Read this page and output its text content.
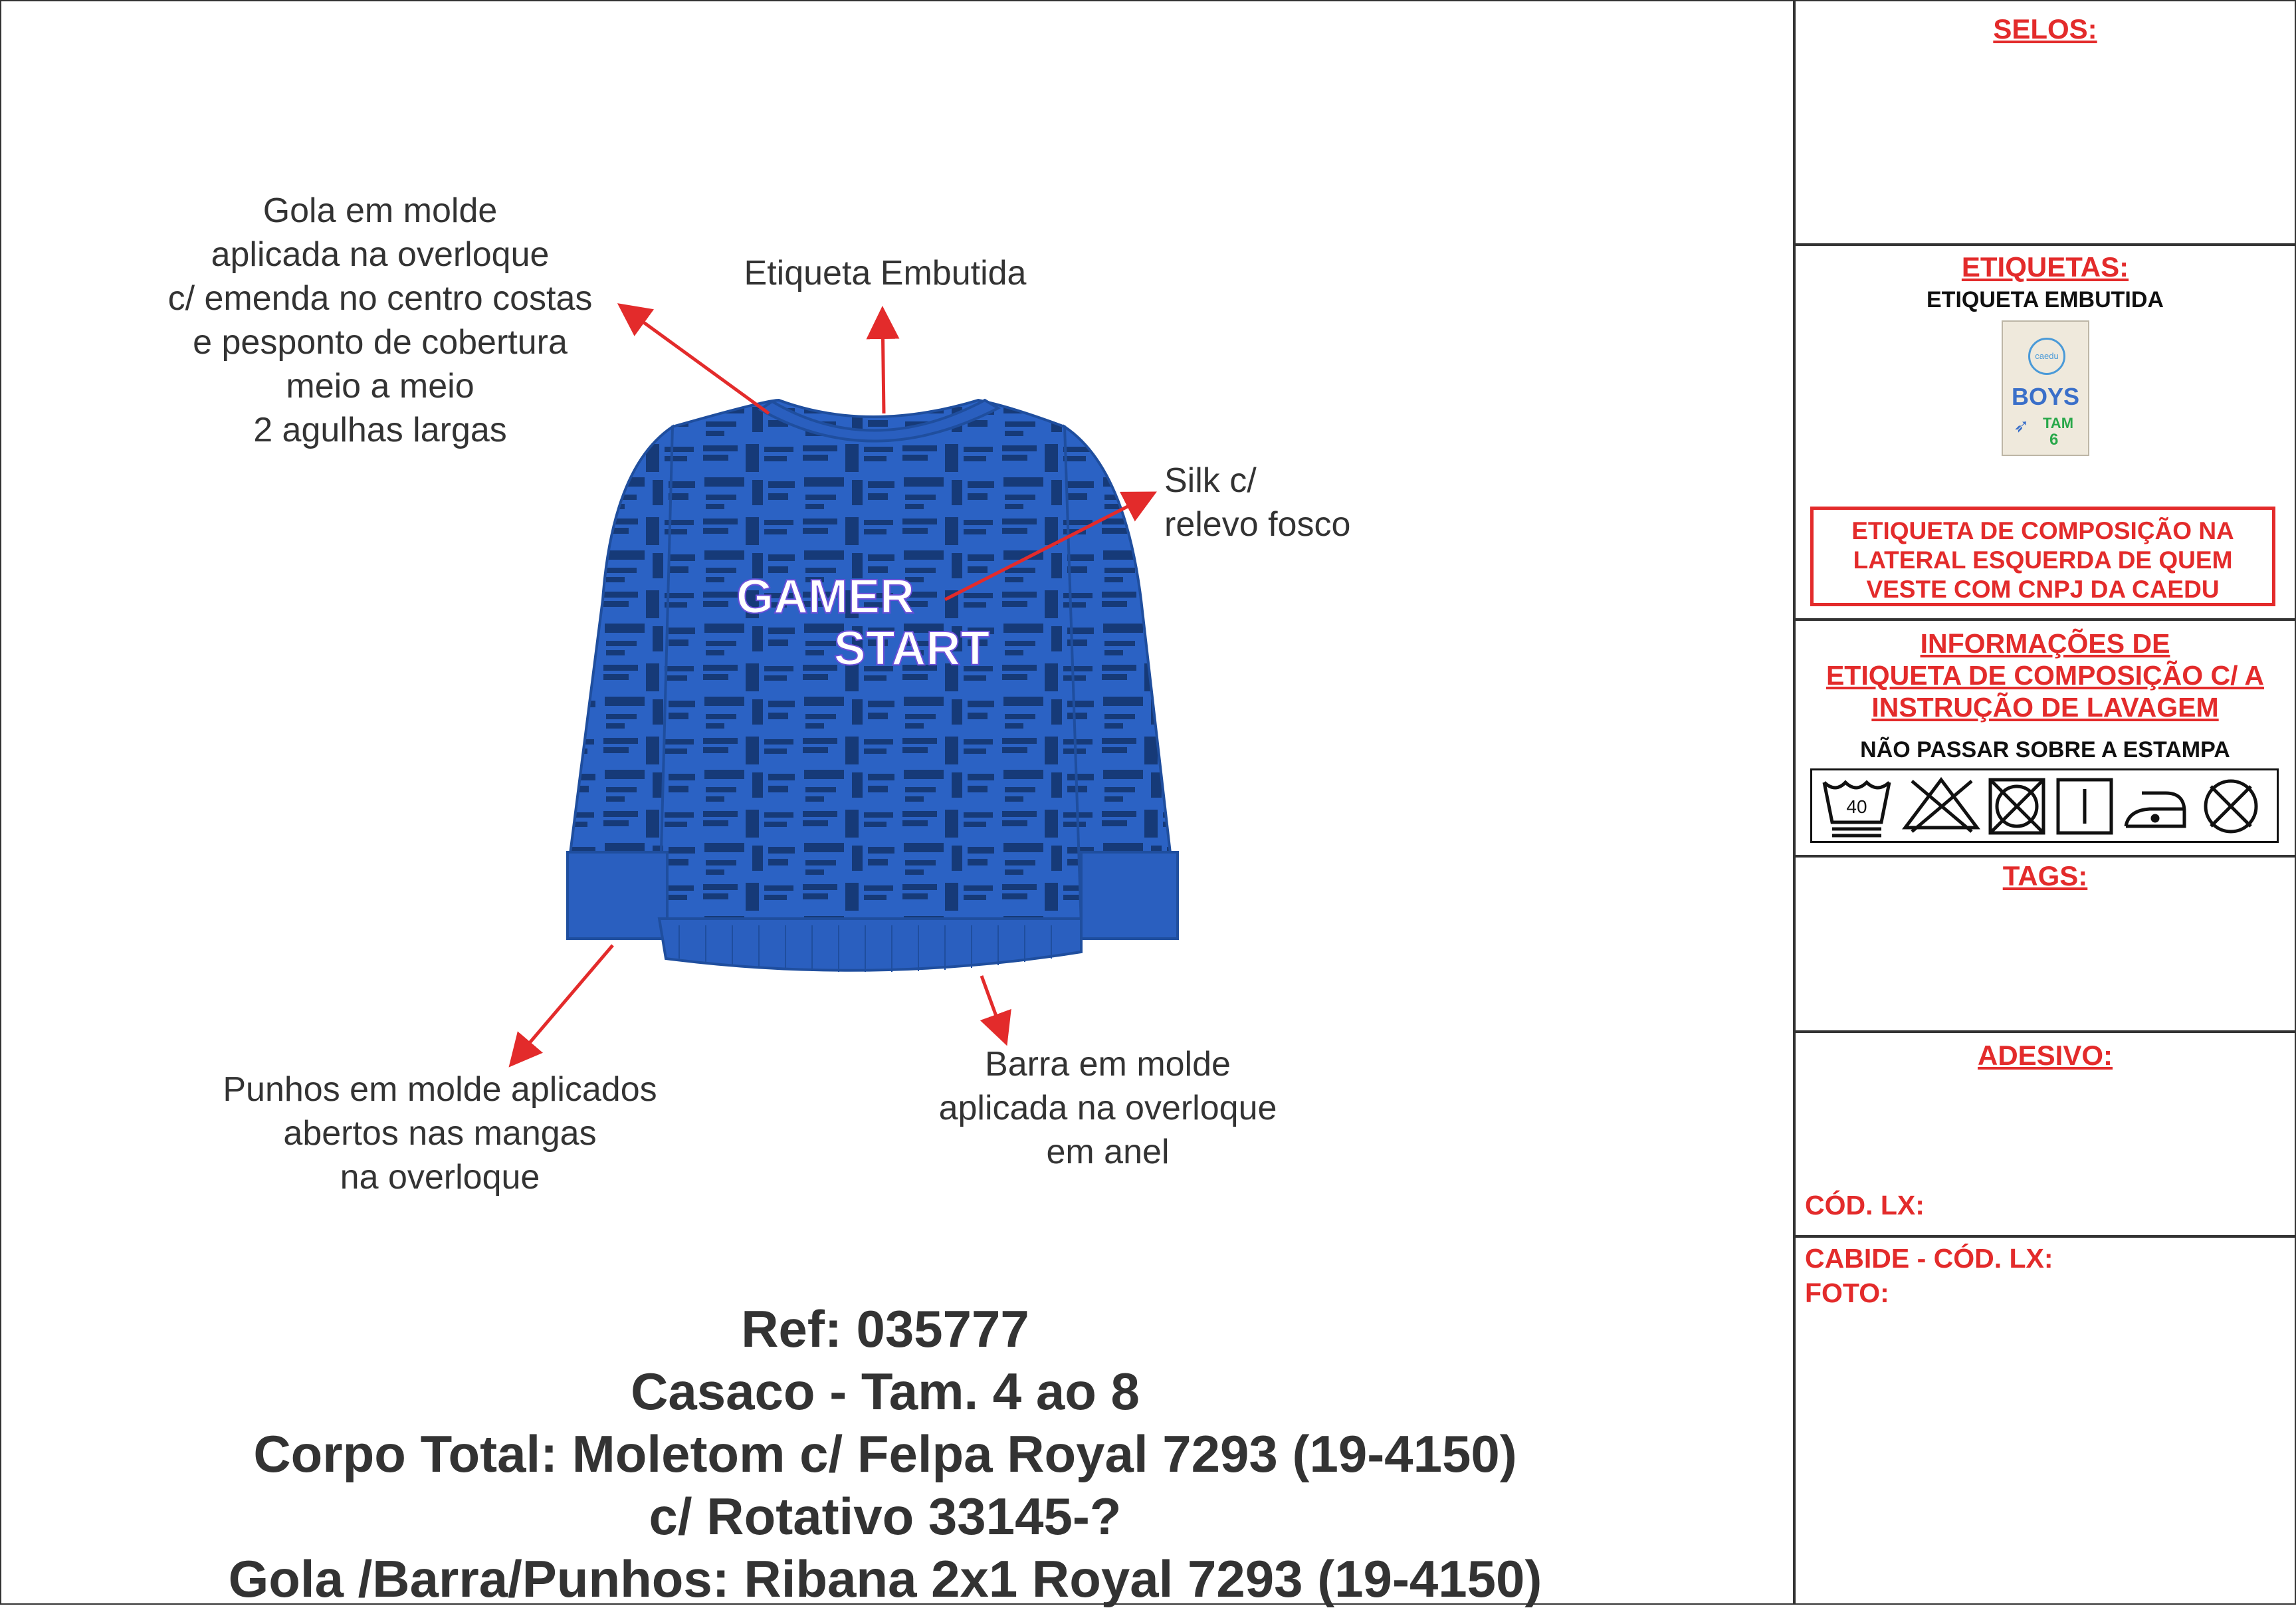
Gola em molde
aplicada na overloque
c/ emenda no centro costas
e pesponto de cobertura
meio a meio
2 agulhas largas
Etiqueta Embutida
Silk c/
relevo fosco
Punhos em molde aplicados
abertos nas mangas
na overloque
Barra em molde
aplicada na overloque
em anel
GAMER
START
Ref: 035777
Casaco - Tam. 4 ao 8
Corpo Total: Moletom c/ Felpa Royal 7293 (19-4150)
c/ Rotativo 33145-?
Gola /Barra/Punhos: Ribana 2x1 Royal 7293 (19-4150)
SELOS:
ETIQUETAS:
ETIQUETA EMBUTIDA
caedu
BOYS
➶ TAM
6
ETIQUETA DE COMPOSIÇÃO NA
LATERAL ESQUERDA DE QUEM
VESTE COM CNPJ DA CAEDU
INFORMAÇÕES DE
ETIQUETA DE COMPOSIÇÃO C/ A
INSTRUÇÃO DE LAVAGEM
NÃO PASSAR SOBRE A ESTAMPA
40
TAGS:
ADESIVO:
CÓD. LX:
CABIDE - CÓD. LX:
FOTO:
